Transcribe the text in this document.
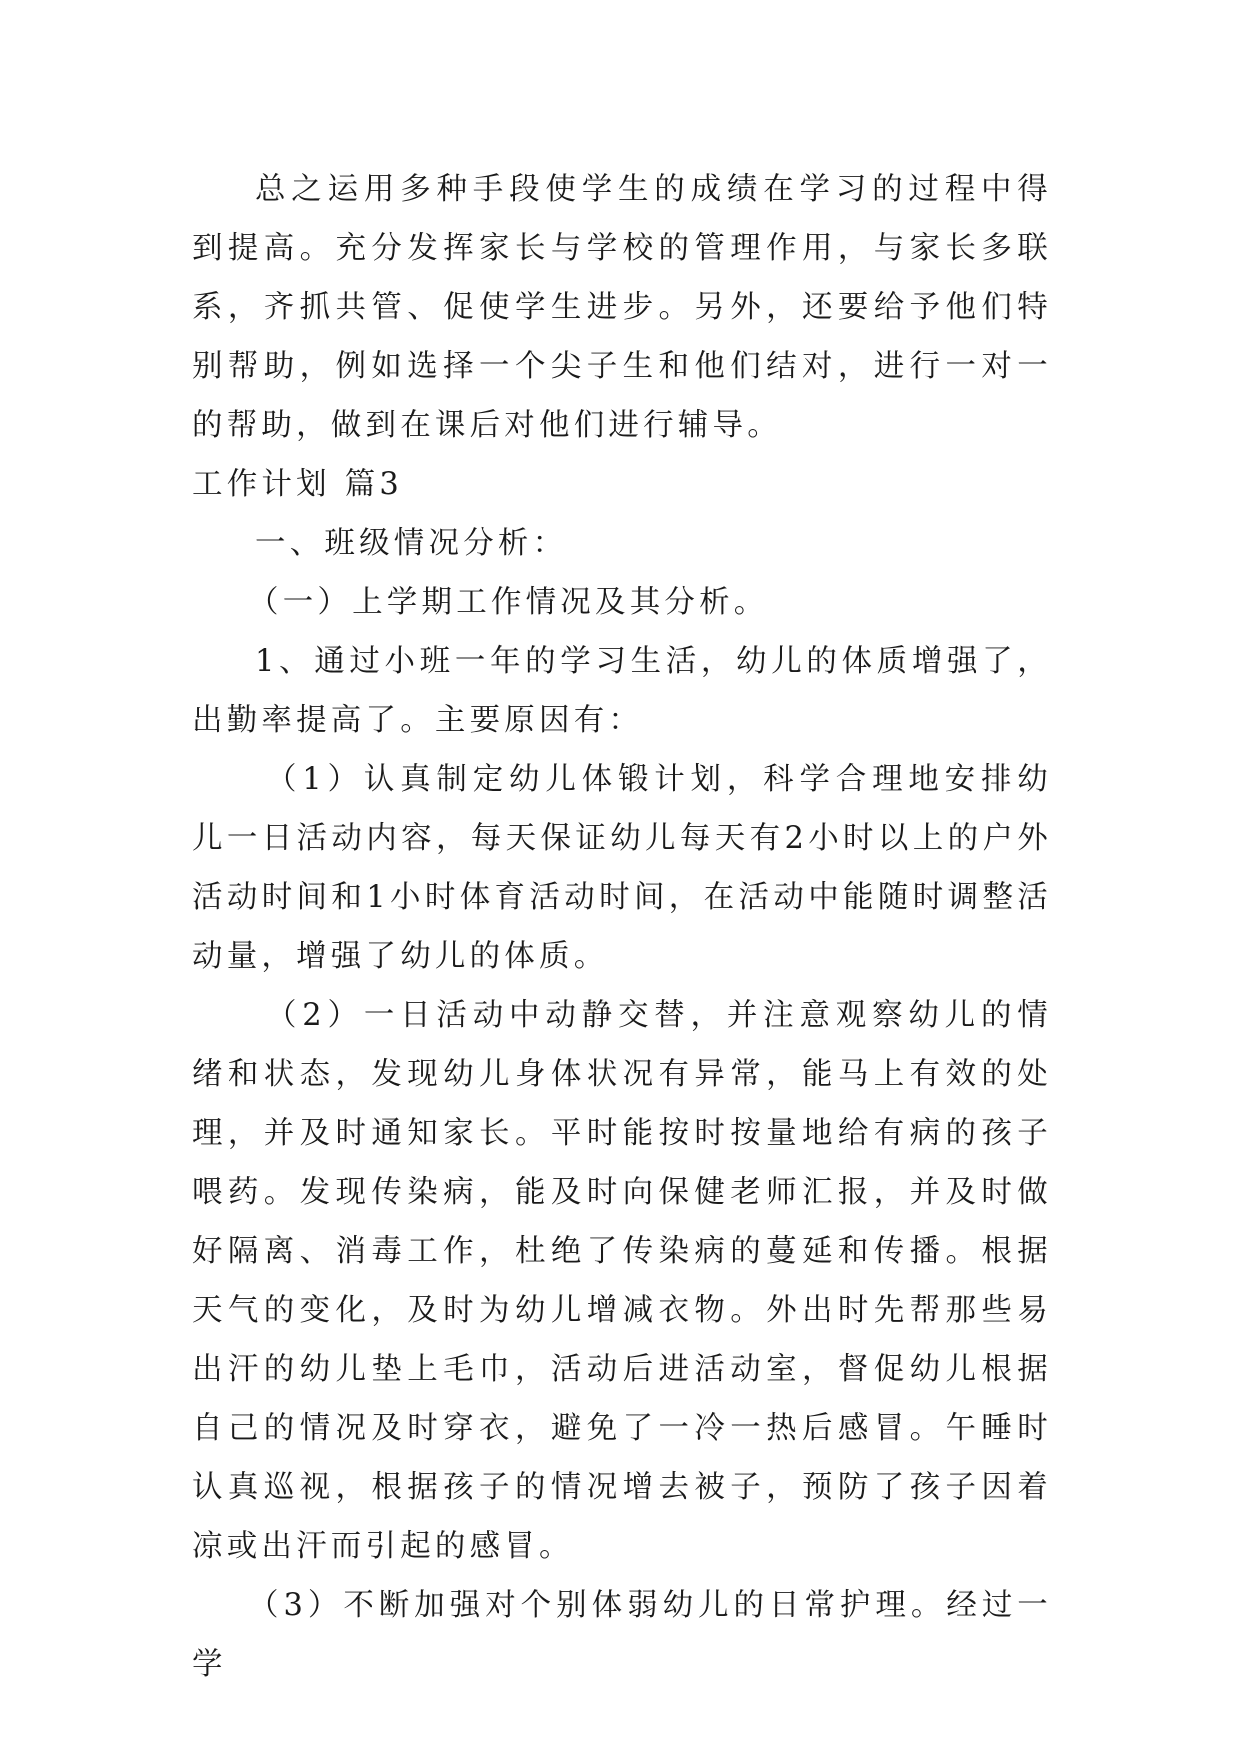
总之运用多种手段使学生的成绩在学习的过程中得到提高。充分发挥家长与学校的管理作用，与家长多联系，齐抓共管、促使学生进步。另外，还要给予他们特别帮助，例如选择一个尖子生和他们结对，进行一对一的帮助，做到在课后对他们进行辅导。

工作计划 篇3

一、班级情况分析：

（一）上学期工作情况及其分析。

1、通过小班一年的学习生活，幼儿的体质增强了，出勤率提高了。主要原因有：

（1）认真制定幼儿体锻计划，科学合理地安排幼儿一日活动内容，每天保证幼儿每天有2小时以上的户外活动时间和1小时体育活动时间，在活动中能随时调整活动量，增强了幼儿的体质。

（2）一日活动中动静交替，并注意观察幼儿的情绪和状态，发现幼儿身体状况有异常，能马上有效的处理，并及时通知家长。平时能按时按量地给有病的孩子喂药。发现传染病，能及时向保健老师汇报，并及时做好隔离、消毒工作，杜绝了传染病的蔓延和传播。根据天气的变化，及时为幼儿增减衣物。外出时先帮那些易出汗的幼儿垫上毛巾，活动后进活动室，督促幼儿根据自己的情况及时穿衣，避免了一冷一热后感冒。午睡时认真巡视，根据孩子的情况增去被子，预防了孩子因着凉或出汗而引起的感冒。

（3）不断加强对个别体弱幼儿的日常护理。经过一学
